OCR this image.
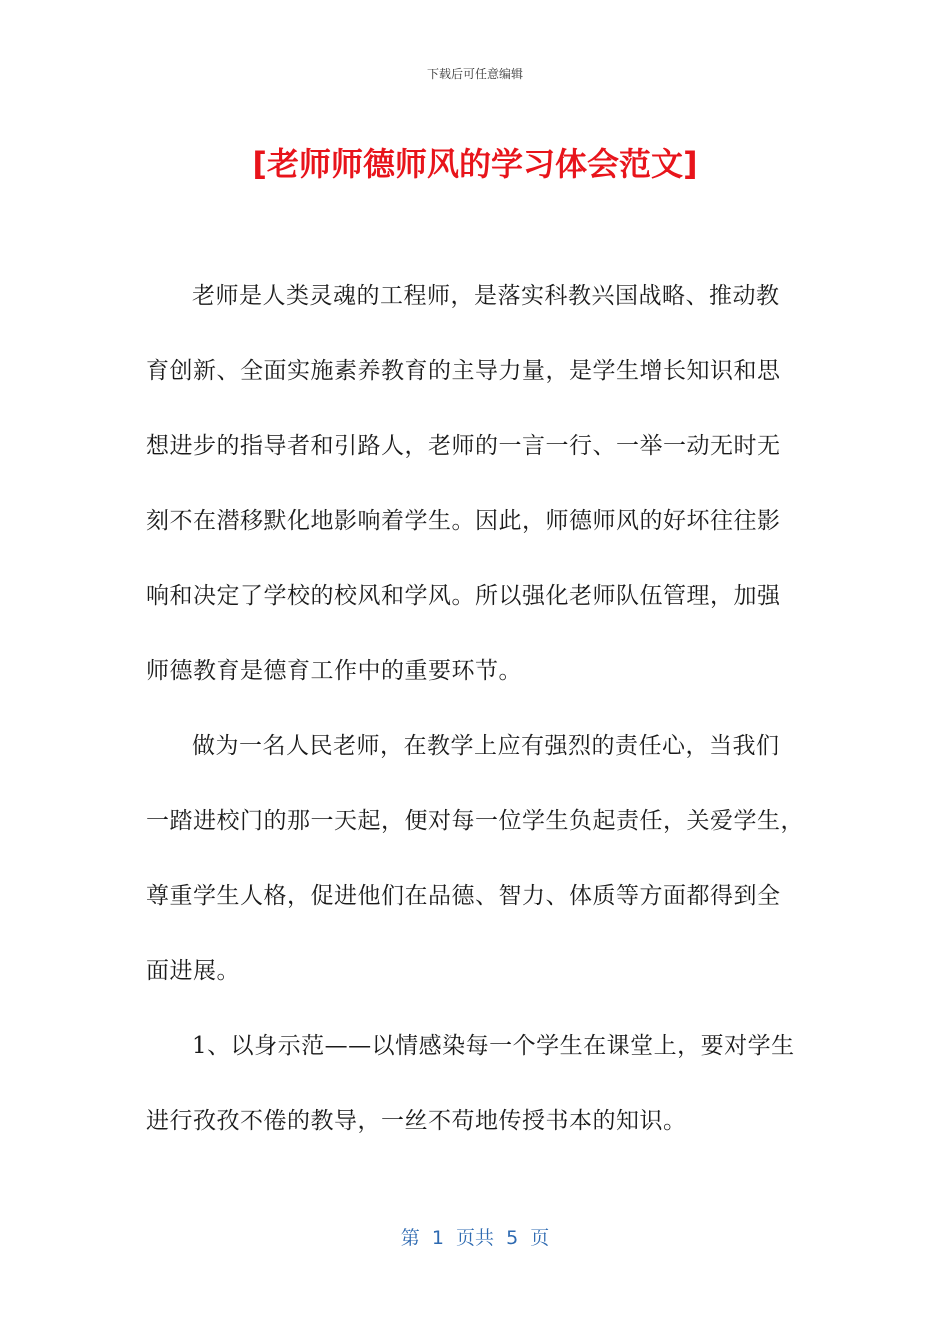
下载后可任意编辑
[老师师德师风的学习体会范文]
老师是人类灵魂的工程师，是落实科教兴国战略、推动教
育创新、全面实施素养教育的主导力量，是学生增长知识和思
想进步的指导者和引路人，老师的一言一行、一举一动无时无
刻不在潜移默化地影响着学生。因此，师德师风的好坏往往影
响和决定了学校的校风和学风。所以强化老师队伍管理，加强
师德教育是德育工作中的重要环节。
做为一名人民老师，在教学上应有强烈的责任心，当我们
一踏进校门的那一天起，便对每一位学生负起责任，关爱学生，
尊重学生人格，促进他们在品德、智力、体质等方面都得到全
面进展。
1、以身示范——以情感染每一个学生在课堂上，要对学生
进行孜孜不倦的教导，一丝不苟地传授书本的知识。
第  1  页共  5  页
